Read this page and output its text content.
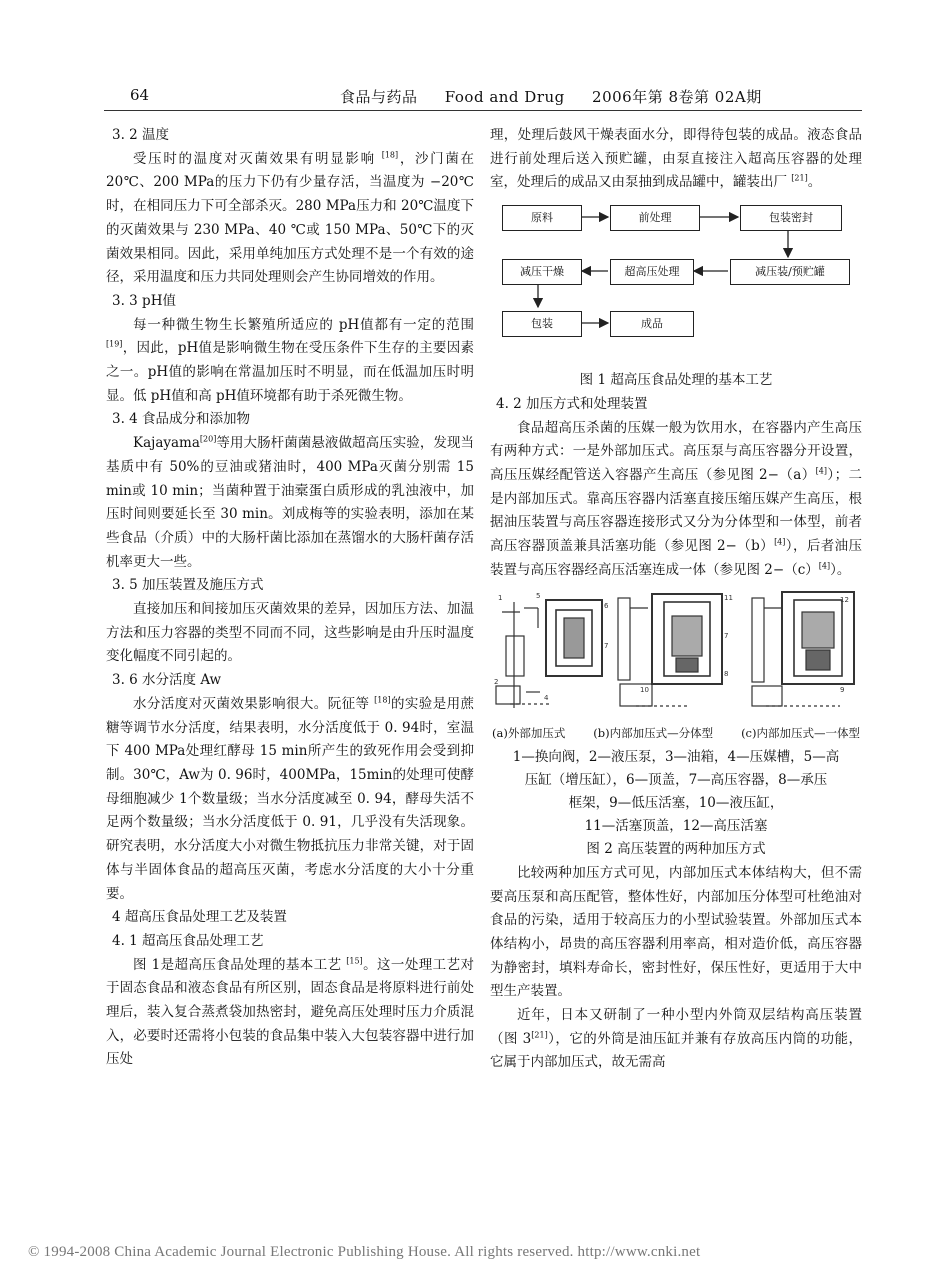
64	食品与药品 Food and Drug 2006年第 8卷第 02A期

3. 2 温度

受压时的温度对灭菌效果有明显影响 [18]，沙门菌在 20℃、200 MPa的压力下仍有少量存活，当温度为 −20℃时，在相同压力下可全部杀灭。280 MPa压力和 20℃温度下的灭菌效果与 230 MPa、40 ℃或 150 MPa、50℃下的灭菌效果相同。因此，采用单纯加压方式处理不是一个有效的途径，采用温度和压力共同处理则会产生协同增效的作用。

3. 3 pH值

每一种微生物生长繁殖所适应的 pH值都有一定的范围 [19]，因此，pH值是影响微生物在受压条件下生存的主要因素之一。pH值的影响在常温加压时不明显，而在低温加压时明显。低 pH值和高 pH值环境都有助于杀死微生物。

3. 4 食品成分和添加物

Kajayama[20]等用大肠杆菌菌悬液做超高压实验，发现当基质中有 50%的豆油或猪油时，400 MPa灭菌分别需 15 min或 10 min；当菌种置于油槖蛋白质形成的乳浊液中，加压时间则要延长至 30 min。刘成梅等的实验表明，添加在某些食品（介质）中的大肠杆菌比添加在蒸馏水的大肠杆菌存活机率更大一些。

3. 5 加压装置及施压方式

直接加压和间接加压灭菌效果的差异，因加压方法、加温方法和压力容器的类型不同而不同，这些影响是由升压时温度变化幅度不同引起的。

3. 6 水分活度 Aw

水分活度对灭菌效果影响很大。阮征等 [18]的实验是用蔗糖等调节水分活度，结果表明，水分活度低于 0. 94时，室温下 400 MPa处理红酵母 15 min所产生的致死作用会受到抑制。30℃，Aw为 0. 96时，400MPa，15min的处理可使酵母细胞减少 1个数量级；当水分活度减至 0. 94，酵母失活不足两个数量级；当水分活度低于 0. 91，几乎没有失活现象。研究表明，水分活度大小对微生物抵抗压力非常关键，对于固体与半固体食品的超高压灭菌，考虑水分活度的大小十分重要。

4 超高压食品处理工艺及装置

4. 1 超高压食品处理工艺

图 1是超高压食品处理的基本工艺 [15]。这一处理工艺对于固态食品和液态食品有所区别，固态食品是将原料进行前处理后，装入复合蒸煮袋加热密封，避免高压处理时压力介质混入，必要时还需将小包装的食品集中装入大包装容器中进行加压处

理，处理后鼓风干燥表面水分，即得待包装的成品。液态食品进行前处理后送入预贮罐，由泵直接注入超高压容器的处理室，处理后的成品又由泵抽到成品罐中，罐装出厂 [21]。

原料	前处理	包装密封
减压干燥	超高压处理	减压装/预贮罐
包装	成品

图 1 超高压食品处理的基本工艺

4. 2 加压方式和处理装置

食品超高压杀菌的压媒一般为饮用水，在容器内产生高压有两种方式：一是外部加压式。高压泵与高压容器分开设置，高压压媒经配管送入容器产生高压（参见图 2−（a）[4]）；二是内部加压式。靠高压容器内活塞直接压缩压媒产生高压，根据油压装置与高压容器连接形式又分为分体型和一体型，前者高压容器顶盖兼具活塞功能（参见图 2−（b）[4]），后者油压装置与高压容器经高压活塞连成一体（参见图 2−（c）[4]）。

1	5
6
7
2
4
11
7
8
10
12
9
(a)外部加压式 (b)内部加压式—分体型 (c)内部加压式—一体型

1—换向阀，2—液压泵，3—油箱，4—压媒槽，5—高

压缸（增压缸），6—顶盖，7—高压容器，8—承压

框架，9—低压活塞，10—液压缸，

11—活塞顶盖，12—高压活塞

图 2 高压装置的两种加压方式

比较两种加压方式可见，内部加压式本体结构大，但不需要高压泵和高压配管，整体性好，内部加压分体型可杜绝油对食品的污染，适用于较高压力的小型试验装置。外部加压式本体结构小，昂贵的高压容器利用率高，相对造价低，高压容器为静密封，填料寿命长，密封性好，保压性好，更适用于大中型生产装置。

近年，日本又研制了一种小型内外筒双层结构高压装置（图 3[21]），它的外筒是油压缸并兼有存放高压内筒的功能，它属于内部加压式，故无需高

© 1994-2008 China Academic Journal Electronic Publishing House. All rights reserved. http://www.cnki.net
